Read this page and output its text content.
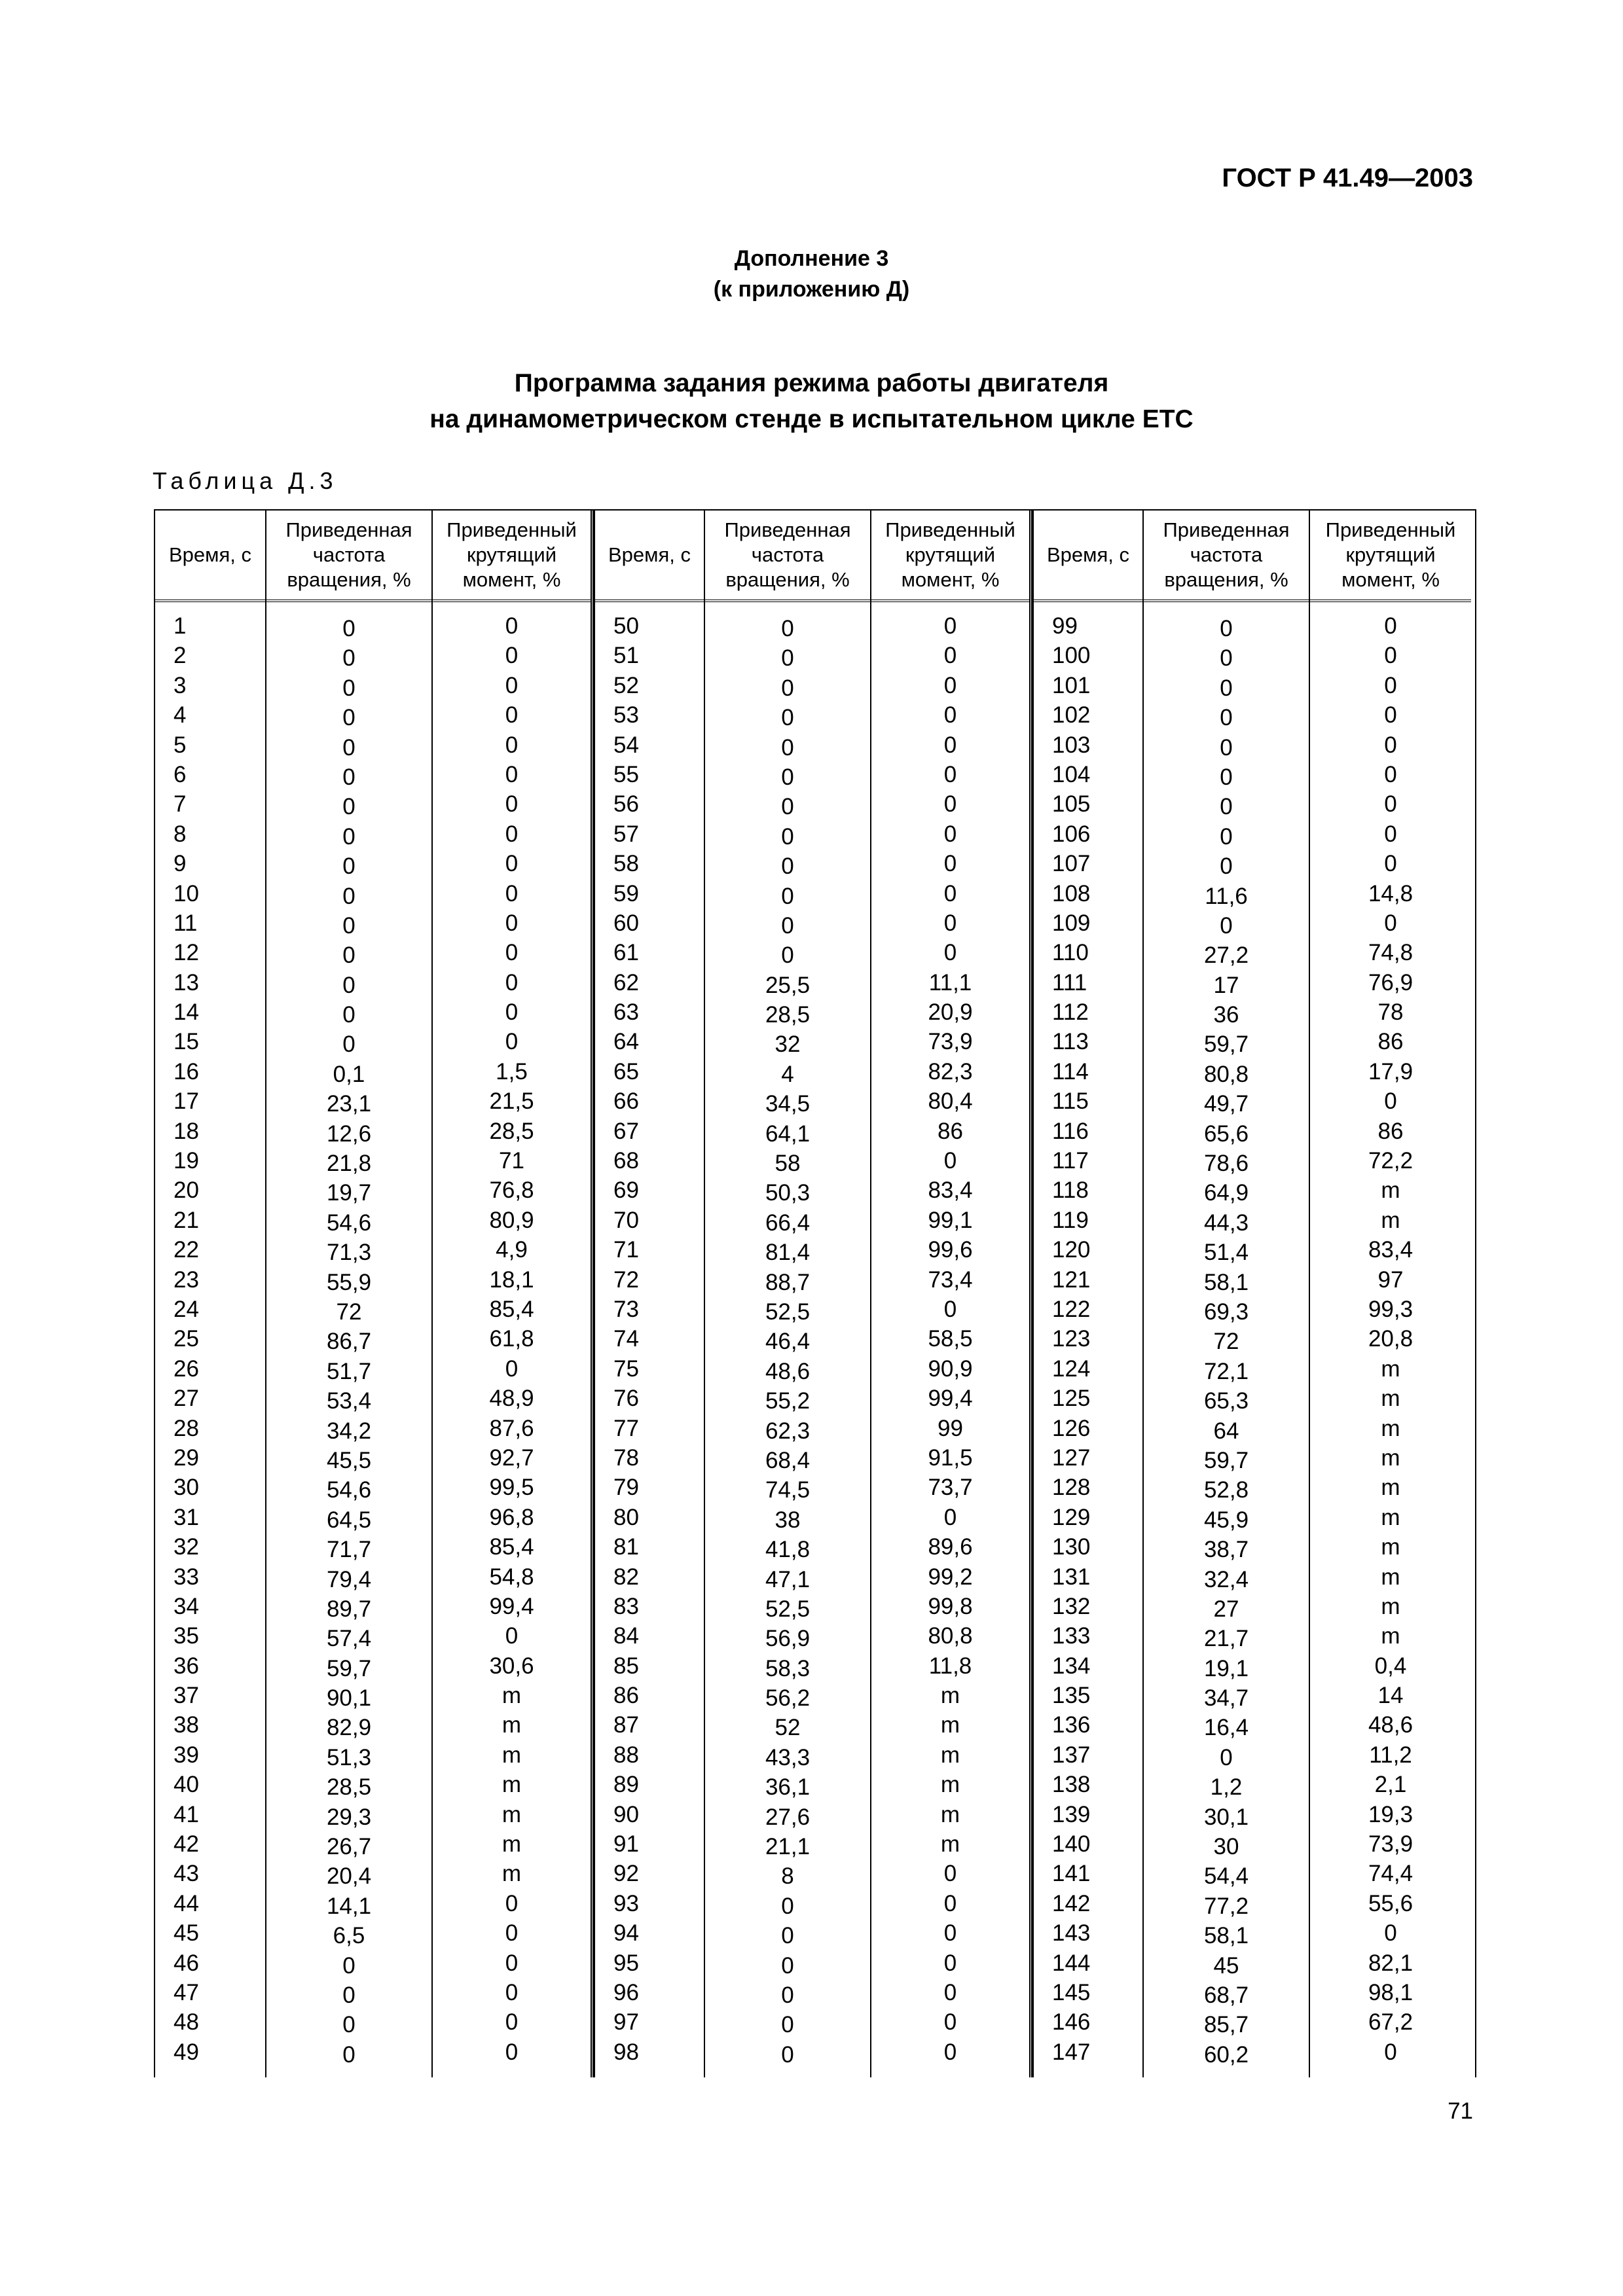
ГОСТ Р 41.49—2003
Дополнение 3
(к приложению Д)
Программа задания режима работы двигателя
на динамометрическом стенде в испытательном цикле ETC
Таблица Д.3
Время, с
1
2
3
4
5
6
7
8
9
10
11
12
13
14
15
16
17
18
19
20
21
22
23
24
25
26
27
28
29
30
31
32
33
34
35
36
37
38
39
40
41
42
43
44
45
46
47
48
49
Приведенная частота вращения, %
0
0
0
0
0
0
0
0
0
0
0
0
0
0
0
0,1
23,1
12,6
21,8
19,7
54,6
71,3
55,9
72
86,7
51,7
53,4
34,2
45,5
54,6
64,5
71,7
79,4
89,7
57,4
59,7
90,1
82,9
51,3
28,5
29,3
26,7
20,4
14,1
6,5
0
0
0
0
Приведенный крутящий момент, %
0
0
0
0
0
0
0
0
0
0
0
0
0
0
0
1,5
21,5
28,5
71
76,8
80,9
4,9
18,1
85,4
61,8
0
48,9
87,6
92,7
99,5
96,8
85,4
54,8
99,4
0
30,6
m
m
m
m
m
m
m
0
0
0
0
0
0
Время, с
50
51
52
53
54
55
56
57
58
59
60
61
62
63
64
65
66
67
68
69
70
71
72
73
74
75
76
77
78
79
80
81
82
83
84
85
86
87
88
89
90
91
92
93
94
95
96
97
98
Приведенная частота вращения, %
0
0
0
0
0
0
0
0
0
0
0
0
25,5
28,5
32
4
34,5
64,1
58
50,3
66,4
81,4
88,7
52,5
46,4
48,6
55,2
62,3
68,4
74,5
38
41,8
47,1
52,5
56,9
58,3
56,2
52
43,3
36,1
27,6
21,1
8
0
0
0
0
0
0
Приведенный крутящий момент, %
0
0
0
0
0
0
0
0
0
0
0
0
11,1
20,9
73,9
82,3
80,4
86
0
83,4
99,1
99,6
73,4
0
58,5
90,9
99,4
99
91,5
73,7
0
89,6
99,2
99,8
80,8
11,8
m
m
m
m
m
m
0
0
0
0
0
0
0
Время, с
99
100
101
102
103
104
105
106
107
108
109
110
111
112
113
114
115
116
117
118
119
120
121
122
123
124
125
126
127
128
129
130
131
132
133
134
135
136
137
138
139
140
141
142
143
144
145
146
147
Приведенная частота вращения, %
0
0
0
0
0
0
0
0
0
11,6
0
27,2
17
36
59,7
80,8
49,7
65,6
78,6
64,9
44,3
51,4
58,1
69,3
72
72,1
65,3
64
59,7
52,8
45,9
38,7
32,4
27
21,7
19,1
34,7
16,4
0
1,2
30,1
30
54,4
77,2
58,1
45
68,7
85,7
60,2
Приведенный крутящий момент, %
0
0
0
0
0
0
0
0
0
14,8
0
74,8
76,9
78
86
17,9
0
86
72,2
m
m
83,4
97
99,3
20,8
m
m
m
m
m
m
m
m
m
m
0,4
14
48,6
11,2
2,1
19,3
73,9
74,4
55,6
0
82,1
98,1
67,2
0
71
